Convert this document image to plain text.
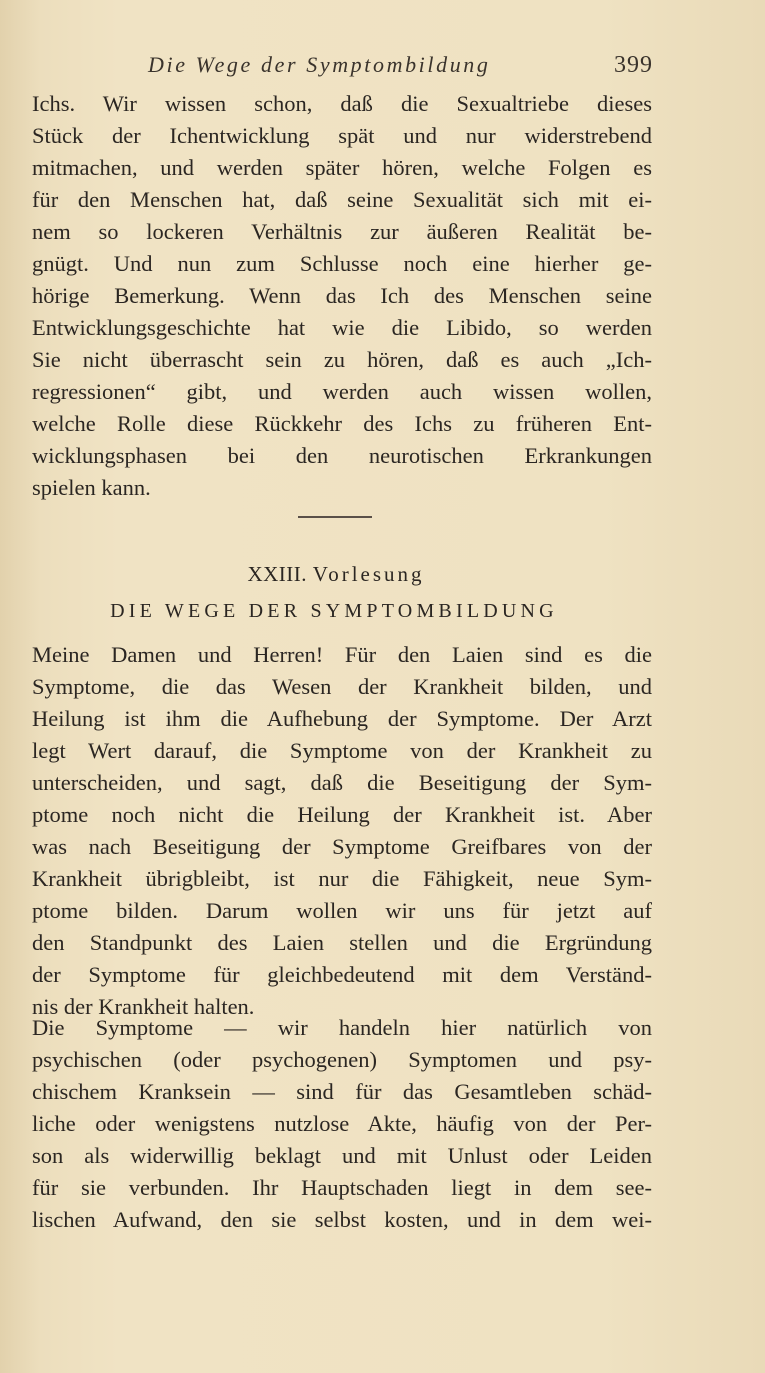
Die Wege der Symptombildung	399
Ichs. Wir wissen schon, daß die Sexualtriebe dieses
Stück der Ichentwicklung spät und nur widerstrebend
mitmachen, und werden später hören, welche Folgen es
für den Menschen hat, daß seine Sexualität sich mit ei-
nem so lockeren Verhältnis zur äußeren Realität be-
gnügt. Und nun zum Schlusse noch eine hierher ge-
hörige Bemerkung. Wenn das Ich des Menschen seine
Entwicklungsgeschichte hat wie die Libido, so werden
Sie nicht überrascht sein zu hören, daß es auch „Ich-
regressionen“ gibt, und werden auch wissen wollen,
welche Rolle diese Rückkehr des Ichs zu früheren Ent-
wicklungsphasen bei den neurotischen Erkrankungen
spielen kann.
XXIII. Vorlesung
DIE WEGE DER SYMPTOMBILDUNG
Meine Damen und Herren! Für den Laien sind es die
Symptome, die das Wesen der Krankheit bilden, und
Heilung ist ihm die Aufhebung der Symptome. Der Arzt
legt Wert darauf, die Symptome von der Krankheit zu
unterscheiden, und sagt, daß die Beseitigung der Sym-
ptome noch nicht die Heilung der Krankheit ist. Aber
was nach Beseitigung der Symptome Greifbares von der
Krankheit übrigbleibt, ist nur die Fähigkeit, neue Sym-
ptome bilden. Darum wollen wir uns für jetzt auf
den Standpunkt des Laien stellen und die Ergründung
der Symptome für gleichbedeutend mit dem Verständ-
nis der Krankheit halten.
Die Symptome — wir handeln hier natürlich von
psychischen (oder psychogenen) Symptomen und psy-
chischem Kranksein — sind für das Gesamtleben schäd-
liche oder wenigstens nutzlose Akte, häufig von der Per-
son als widerwillig beklagt und mit Unlust oder Leiden
für sie verbunden. Ihr Hauptschaden liegt in dem see-
lischen Aufwand, den sie selbst kosten, und in dem wei-
